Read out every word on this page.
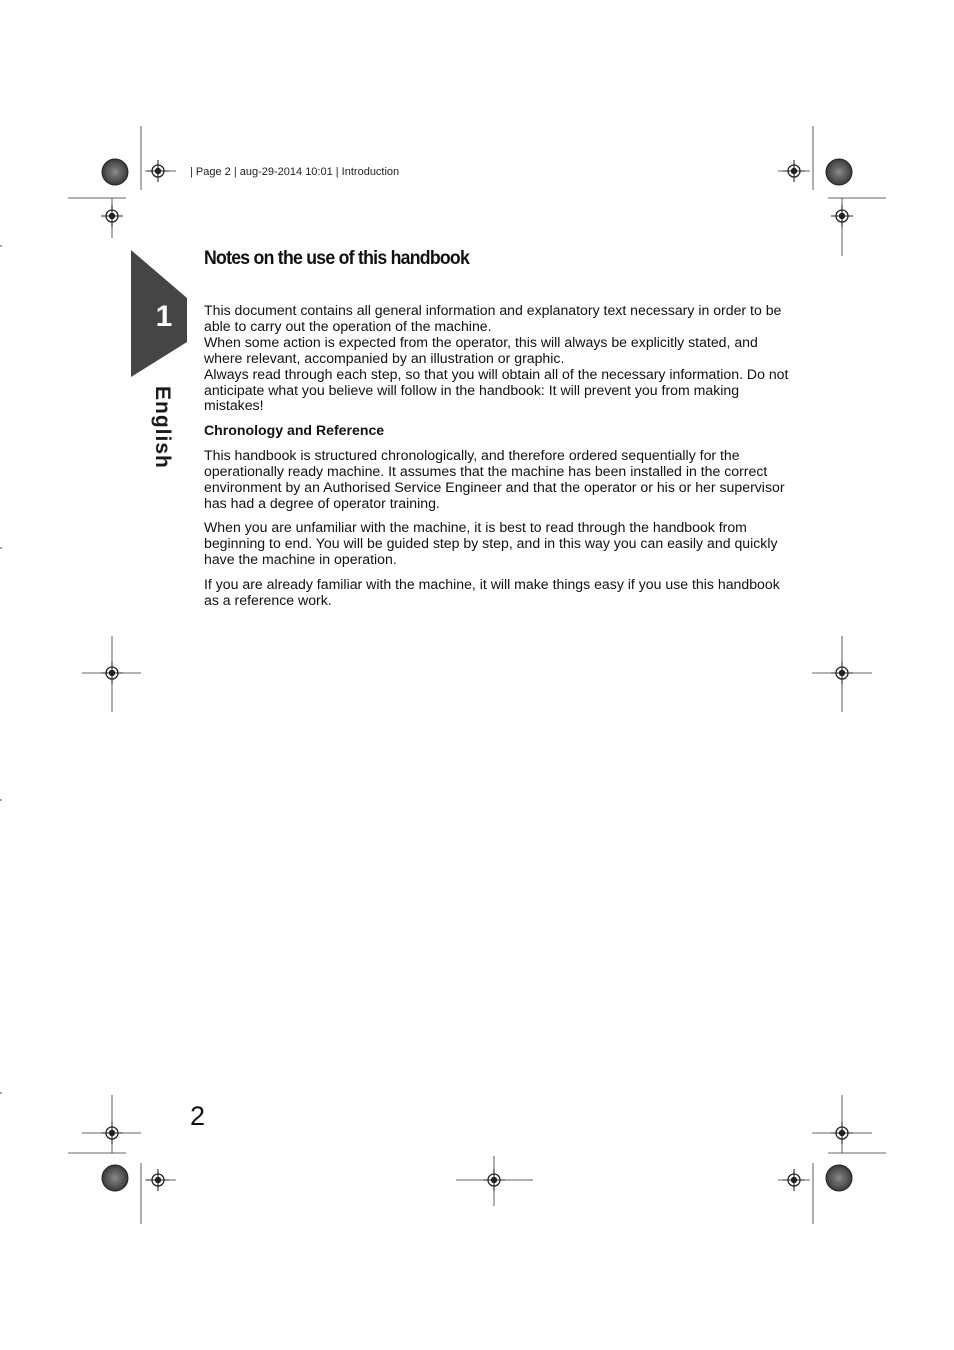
| Page 2 | aug-29-2014 10:01 | Introduction
1
English
Notes on the use of this handbook

This document contains all general information and explanatory text necessary in order to be able to carry out the operation of the machine.

When some action is expected from the operator, this will always be explicitly stated, and where relevant, accompanied by an illustration or graphic.

Always read through each step, so that you will obtain all of the necessary information. Do not anticipate what you believe will follow in the handbook: It will prevent you from making mistakes!

Chronology and Reference

This handbook is structured chronologically, and therefore ordered sequentially for the operationally ready machine. It assumes that the machine has been installed in the correct environment by an Authorised Service Engineer and that the operator or his or her supervisor has had a degree of operator training.

When you are unfamiliar with the machine, it is best to read through the handbook from beginning to end. You will be guided step by step, and in this way you can easily and quickly have the machine in operation.

If you are already familiar with the machine, it will make things easy if you use this handbook as a reference work.

2
